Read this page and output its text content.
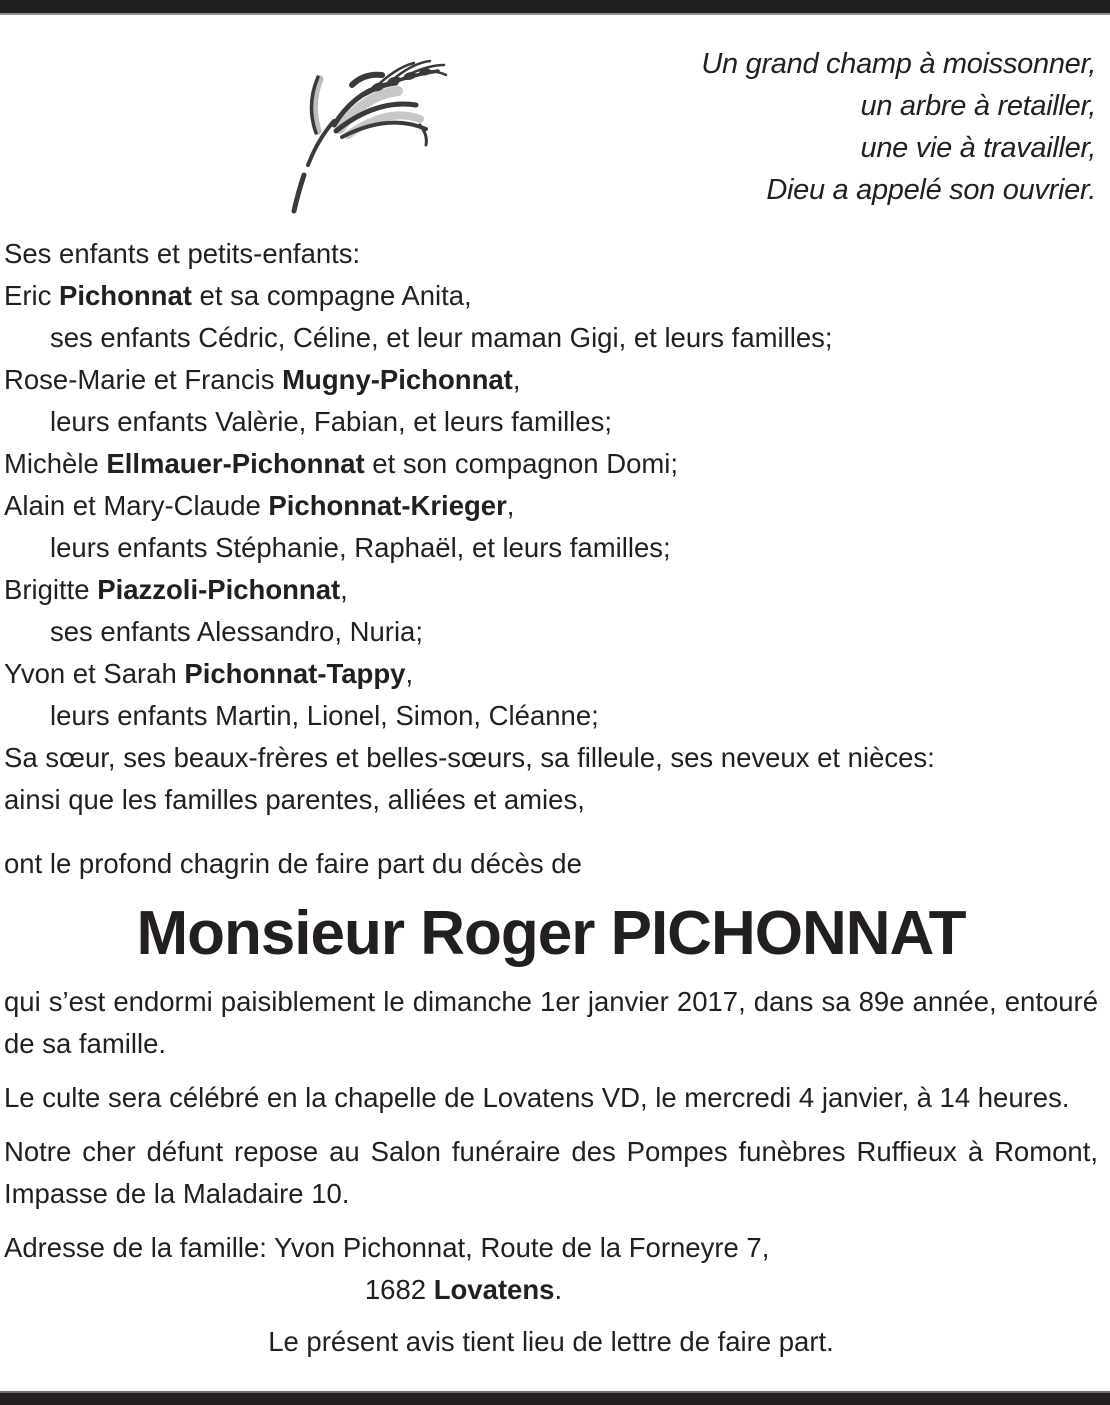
Un grand champ à moissonner,
un arbre à retailler,
une vie à travailler,
Dieu a appelé son ouvrier.
Ses enfants et petits-enfants:
Eric Pichonnat et sa compagne Anita,
ses enfants Cédric, Céline, et leur maman Gigi, et leurs familles;
Rose-Marie et Francis Mugny-Pichonnat,
leurs enfants Valèrie, Fabian, et leurs familles;
Michèle Ellmauer-Pichonnat et son compagnon Domi;
Alain et Mary-Claude Pichonnat-Krieger,
leurs enfants Stéphanie, Raphaël, et leurs familles;
Brigitte Piazzoli-Pichonnat,
ses enfants Alessandro, Nuria;
Yvon et Sarah Pichonnat-Tappy,
leurs enfants Martin, Lionel, Simon, Cléanne;
Sa sœur, ses beaux-frères et belles-sœurs, sa filleule, ses neveux et nièces:
ainsi que les familles parentes, alliées et amies,
ont le profond chagrin de faire part du décès de
Monsieur Roger PICHONNAT

qui s’est endormi paisiblement le dimanche 1er janvier 2017, dans sa 89e année, entouré de sa famille.

Le culte sera célébré en la chapelle de Lovatens VD, le mercredi 4 janvier, à 14 heures.

Notre cher défunt repose au Salon funéraire des Pompes funèbres Ruffieux à Romont, Impasse de la Maladaire 10.

Adresse de la famille: Yvon Pichonnat, Route de la Forneyre 7,
1682 Lovatens.
Le présent avis tient lieu de lettre de faire part.
